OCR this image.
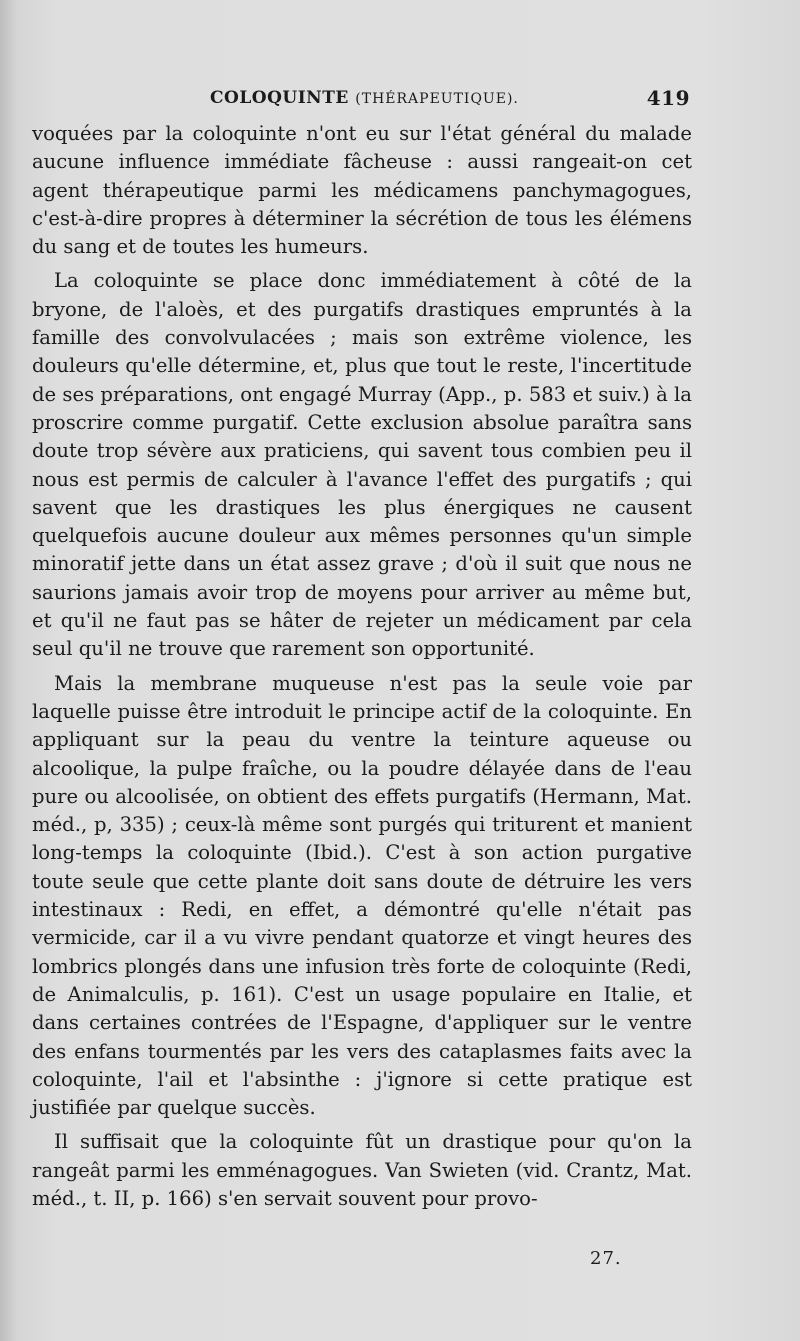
COLOQUINTE (THÉRAPEUTIQUE).	419

voquées par la coloquinte n'ont eu sur l'état général du malade aucune influence immédiate fâcheuse : aussi rangeait-on cet agent thérapeutique parmi les médicamens panchymagogues, c'est-à-dire propres à déterminer la sécrétion de tous les élémens du sang et de toutes les humeurs.

La coloquinte se place donc immédiatement à côté de la bryone, de l'aloès, et des purgatifs drastiques empruntés à la famille des convolvulacées ; mais son extrême violence, les douleurs qu'elle détermine, et, plus que tout le reste, l'incertitude de ses préparations, ont engagé Murray (App., p. 583 et suiv.) à la proscrire comme purgatif. Cette exclusion absolue paraîtra sans doute trop sévère aux praticiens, qui savent tous combien peu il nous est permis de calculer à l'avance l'effet des purgatifs ; qui savent que les drastiques les plus énergiques ne causent quelquefois aucune douleur aux mêmes personnes qu'un simple minoratif jette dans un état assez grave ; d'où il suit que nous ne saurions jamais avoir trop de moyens pour arriver au même but, et qu'il ne faut pas se hâter de rejeter un médicament par cela seul qu'il ne trouve que rarement son opportunité.

Mais la membrane muqueuse n'est pas la seule voie par laquelle puisse être introduit le principe actif de la coloquinte. En appliquant sur la peau du ventre la teinture aqueuse ou alcoolique, la pulpe fraîche, ou la poudre délayée dans de l'eau pure ou alcoolisée, on obtient des effets purgatifs (Hermann, Mat. méd., p, 335) ; ceux-là même sont purgés qui triturent et manient long-temps la coloquinte (Ibid.). C'est à son action purgative toute seule que cette plante doit sans doute de détruire les vers intestinaux : Redi, en effet, a démontré qu'elle n'était pas vermicide, car il a vu vivre pendant quatorze et vingt heures des lombrics plongés dans une infusion très forte de coloquinte (Redi, de Animalculis, p. 161). C'est un usage populaire en Italie, et dans certaines contrées de l'Espagne, d'appliquer sur le ventre des enfans tourmentés par les vers des cataplasmes faits avec la coloquinte, l'ail et l'absinthe : j'ignore si cette pratique est justifiée par quelque succès.

Il suffisait que la coloquinte fût un drastique pour qu'on la rangeât parmi les emménagogues. Van Swieten (vid. Crantz, Mat. méd., t. II, p. 166) s'en servait souvent pour provo-

27.
